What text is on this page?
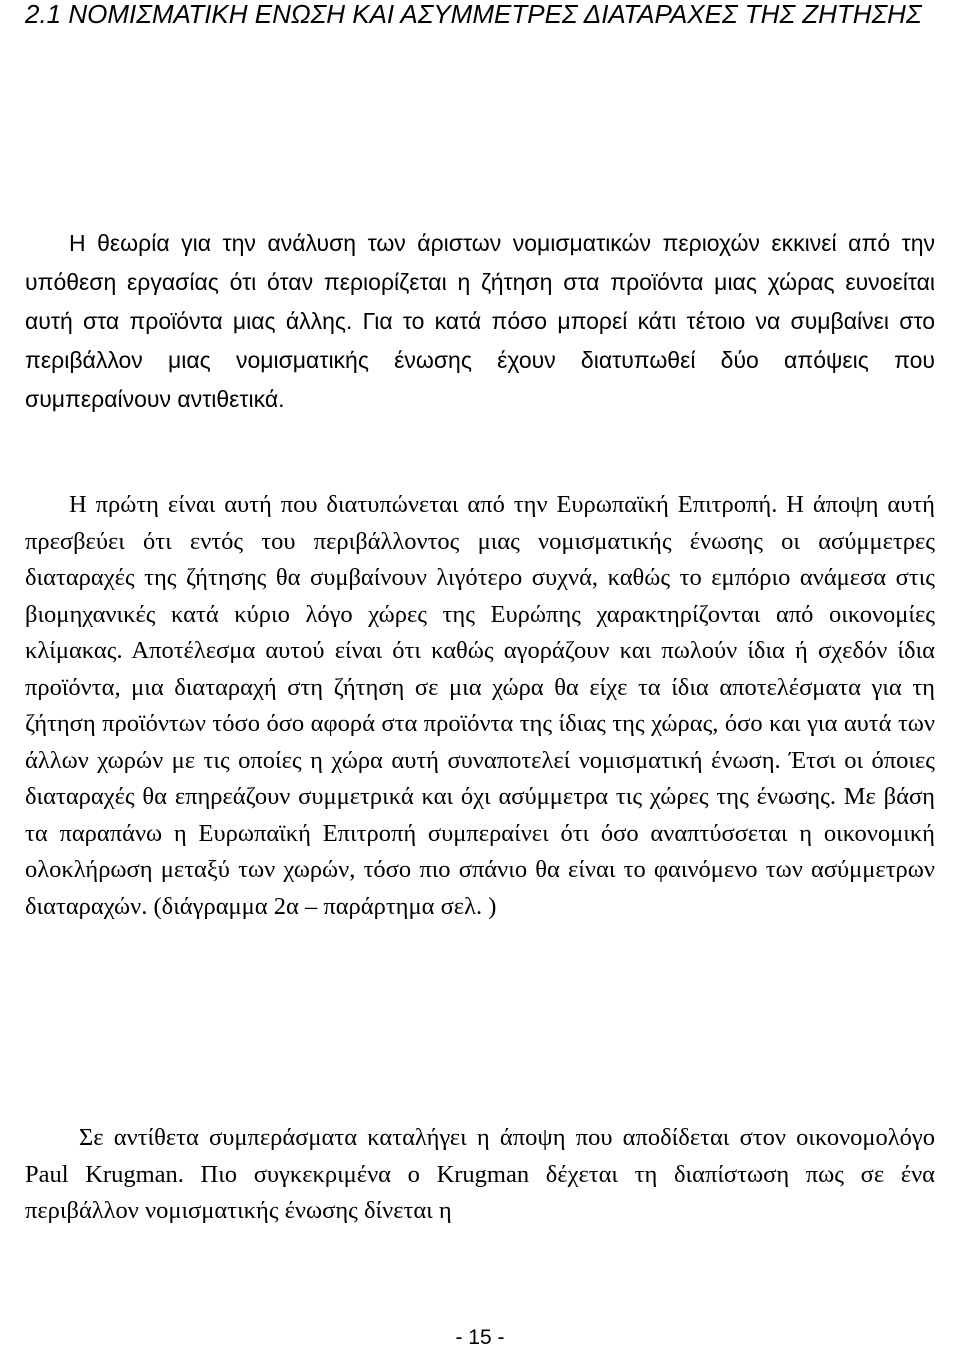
2.1 ΝΟΜΙΣΜΑΤΙΚΗ ΕΝΩΣΗ ΚΑΙ ΑΣΥΜΜΕΤΡΕΣ ΔΙΑΤΑΡΑΧΕΣ ΤΗΣ ΖΗΤΗΣΗΣ

Η θεωρία για την ανάλυση των άριστων νομισματικών περιοχών εκκινεί από την υπόθεση εργασίας ότι όταν περιορίζεται η ζήτηση στα προϊόντα μιας χώρας ευνοείται αυτή στα προϊόντα μιας άλλης. Για το κατά πόσο μπορεί κάτι τέτοιο να συμβαίνει στο περιβάλλον μιας νομισματικής ένωσης έχουν διατυπωθεί δύο απόψεις που συμπεραίνουν αντιθετικά.

Η πρώτη είναι αυτή που διατυπώνεται από την Ευρωπαϊκή Επιτροπή. Η άποψη αυτή πρεσβεύει ότι εντός του περιβάλλοντος μιας νομισματικής ένωσης οι ασύμμετρες διαταραχές της ζήτησης θα συμβαίνουν λιγότερο συχνά, καθώς το εμπόριο ανάμεσα στις βιομηχανικές κατά κύριο λόγο χώρες της Ευρώπης χαρακτηρίζονται από οικονομίες κλίμακας. Αποτέλεσμα αυτού είναι ότι καθώς αγοράζουν και πωλούν ίδια ή σχεδόν ίδια προϊόντα, μια διαταραχή στη ζήτηση σε μια χώρα θα είχε τα ίδια αποτελέσματα για τη ζήτηση προϊόντων τόσο όσο αφορά στα προϊόντα της ίδιας της χώρας, όσο και για αυτά των άλλων χωρών με τις οποίες η χώρα αυτή συναποτελεί νομισματική ένωση. Έτσι οι όποιες διαταραχές θα επηρεάζουν συμμετρικά και όχι ασύμμετρα τις χώρες της ένωσης. Με βάση τα παραπάνω η Ευρωπαϊκή Επιτροπή συμπεραίνει ότι όσο αναπτύσσεται η οικονομική ολοκλήρωση μεταξύ των χωρών, τόσο πιο σπάνιο θα είναι το φαινόμενο των ασύμμετρων διαταραχών. (διάγραμμα 2α – παράρτημα σελ. )

Σε αντίθετα συμπεράσματα καταλήγει η άποψη που αποδίδεται στον οικονομολόγο Paul Krugman. Πιο συγκεκριμένα ο Krugman δέχεται τη διαπίστωση πως σε ένα περιβάλλον νομισματικής ένωσης δίνεται η

- 15 -
